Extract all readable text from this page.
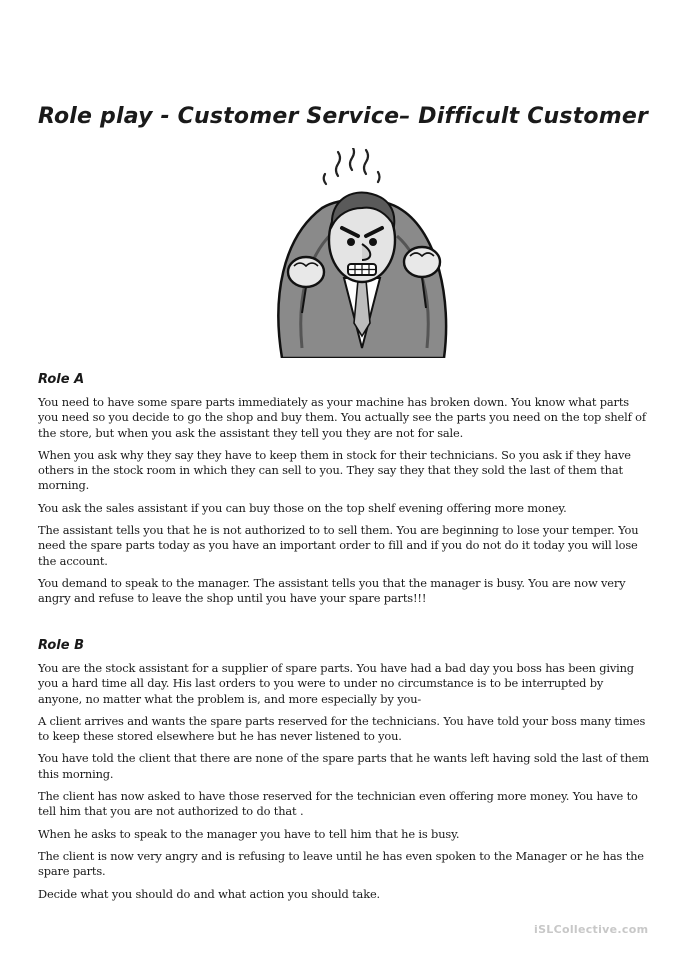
Role play - Customer Service– Difficult Customer
Role A

You need to have some spare parts immediately as your machine has broken down. You know what parts you need so you decide to go the shop and buy them. You actually see the parts you need on the top shelf of the store, but when you ask the assistant they tell you they are not for sale.

When you ask why they say they have to keep them in stock for their technicians. So you ask if they have others in the stock room in which they can sell to you. They say they that they sold the last of them that morning.

You ask the sales assistant if you can buy those on the top shelf evening offering more money.

The assistant tells you that he is not authorized to to sell them. You are beginning to lose your temper. You need the spare parts today as you have an important order to fill and if you do not do it today you will lose the account.

You demand to speak to the manager. The assistant tells you that the manager is busy. You are now very angry and refuse to leave the shop until you have your spare parts!!!

Role B

You are the stock assistant for a supplier of spare parts. You have had a bad day you boss has been giving you a hard time all day. His last orders to you were to under no circumstance is to be interrupted by anyone, no matter what the problem is, and more especially by you-

A client arrives and wants the spare parts reserved for the technicians. You have told your boss many times to keep these stored elsewhere but he has never listened to you.

You have told the client that there are none of the spare parts that he wants left having sold the last of them this morning.

The client has now asked to have those reserved for the technician even offering more money. You have to tell him that you are not authorized to do that .

When he asks to speak to the manager you have to tell him that he is busy.

The client is now very angry and is refusing to leave until he has even spoken to the Manager or he has the spare parts.

Decide what you should do and what action you should take.

iSLCollective.com
